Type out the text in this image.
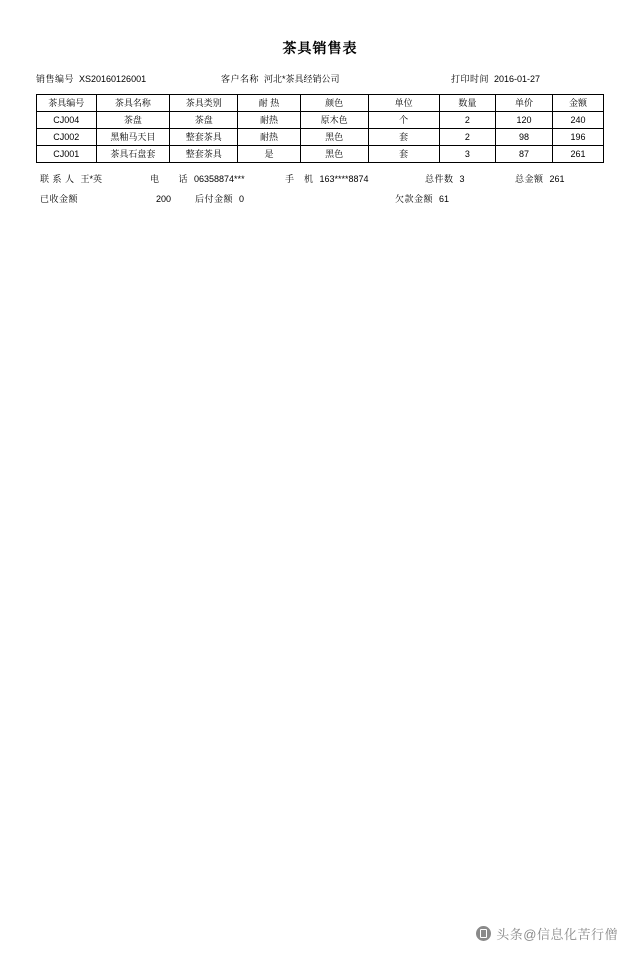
茶具销售表
销售编号 XS20160126001	客户名称 河北*茶具经销公司	打印时间 2016-01-27
茶具编号	茶具名称	茶具类别	耐 热	颜色	单位	数量	单价	金额
CJ004	茶盘	茶盘	耐热	原木色	个	2	120	240
CJ002	黑釉马天目	整套茶具	耐热	黑色	套	2	98	196
CJ001	茶具石盘套	整套茶具	是	黑色	套	3	87	261
联 系 人 王*英	电　　话 06358874***	手　机 163****8874	总件数 3	总金额 261
已收金额	200	后付金额 0	欠款金额 61
头条@信息化苦行僧
